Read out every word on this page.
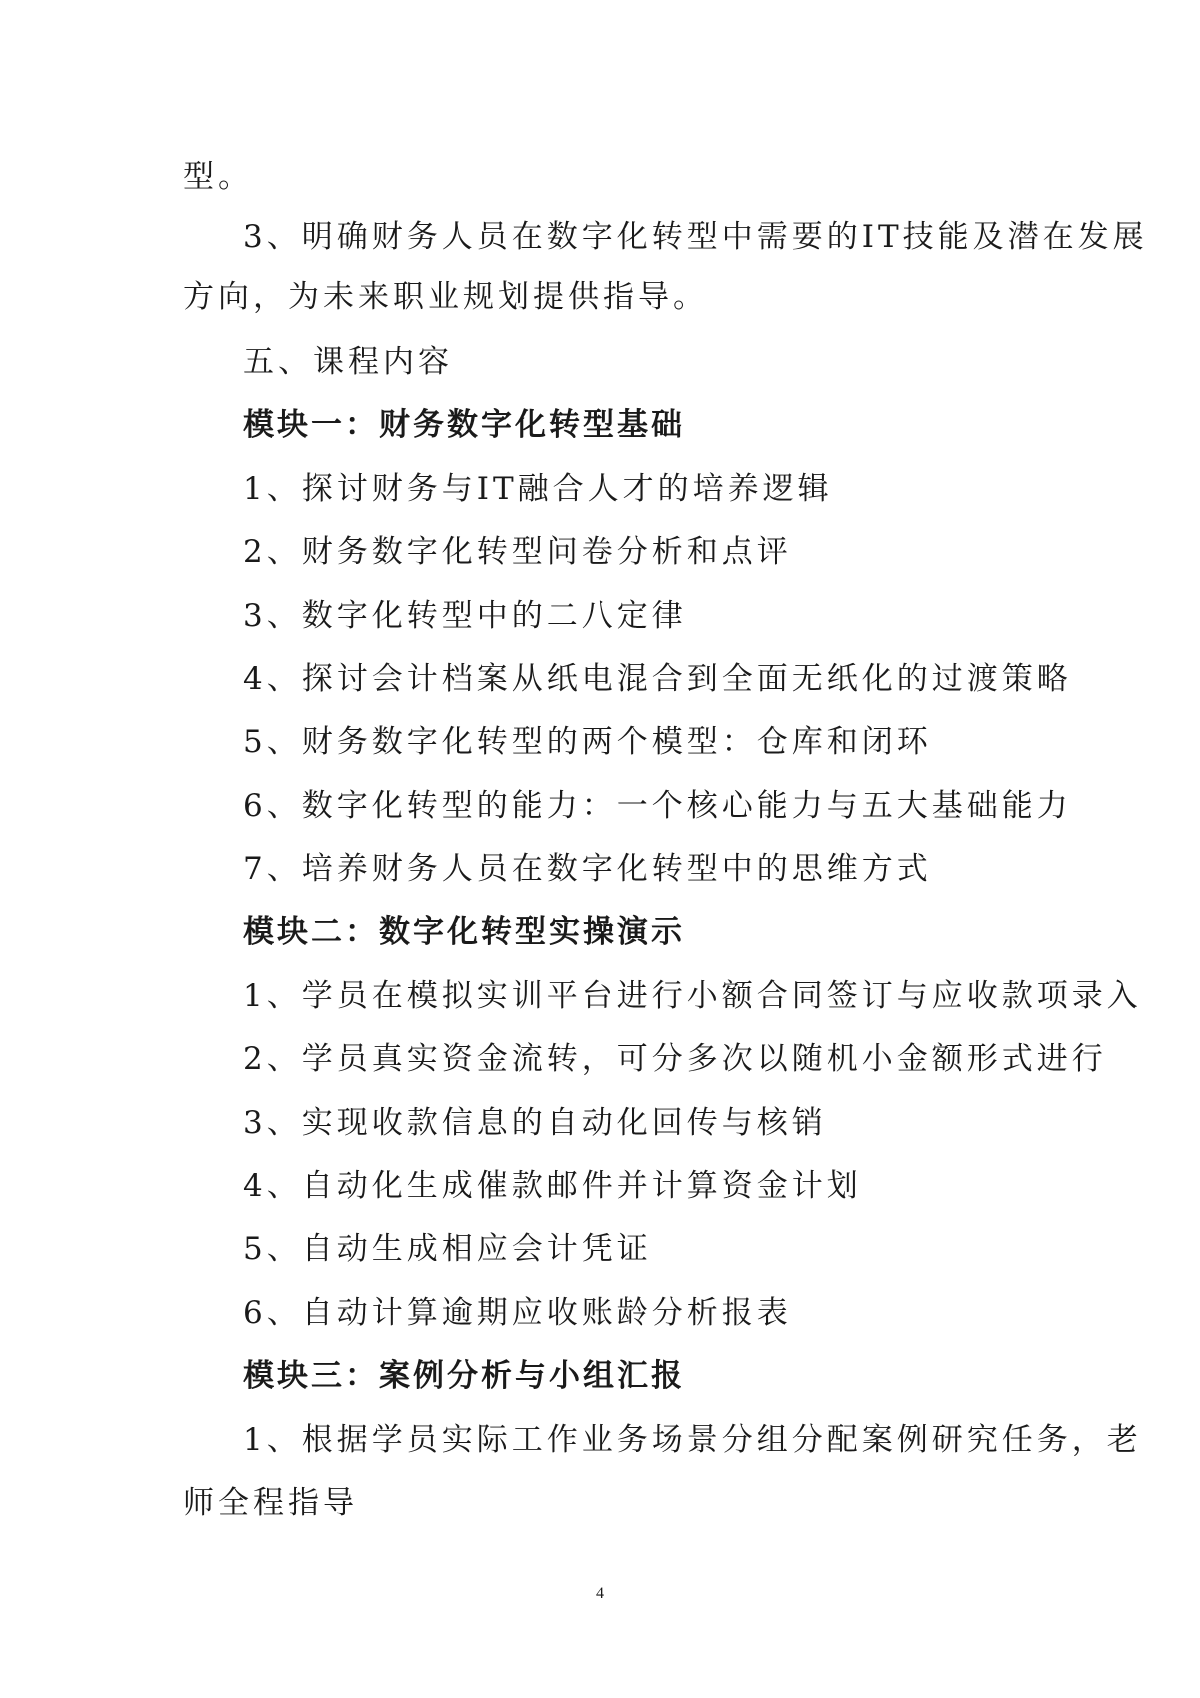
型。
3、明确财务人员在数字化转型中需要的IT技能及潜在发展
方向，为未来职业规划提供指导。
五、课程内容
模块一：财务数字化转型基础
1、探讨财务与IT融合人才的培养逻辑
2、财务数字化转型问卷分析和点评
3、数字化转型中的二八定律
4、探讨会计档案从纸电混合到全面无纸化的过渡策略
5、财务数字化转型的两个模型：仓库和闭环
6、数字化转型的能力：一个核心能力与五大基础能力
7、培养财务人员在数字化转型中的思维方式
模块二：数字化转型实操演示
1、学员在模拟实训平台进行小额合同签订与应收款项录入
2、学员真实资金流转，可分多次以随机小金额形式进行
3、实现收款信息的自动化回传与核销
4、自动化生成催款邮件并计算资金计划
5、自动生成相应会计凭证
6、自动计算逾期应收账龄分析报表
模块三：案例分析与小组汇报
1、根据学员实际工作业务场景分组分配案例研究任务，老
师全程指导
4
